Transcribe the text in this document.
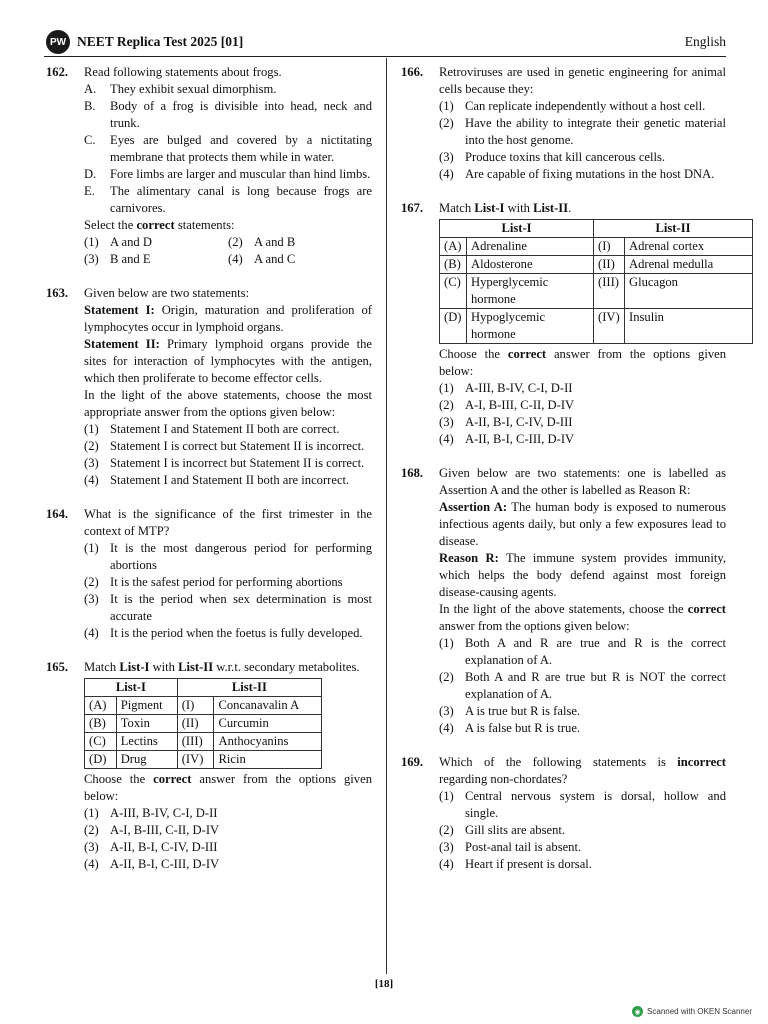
PW NEET Replica Test 2025 [01]	English
162. Read following statements about frogs.
A. They exhibit sexual dimorphism.
B. Body of a frog is divisible into head, neck and trunk.
C. Eyes are bulged and covered by a nictitating membrane that protects them while in water.
D. Fore limbs are larger and muscular than hind limbs.
E. The alimentary canal is long because frogs are carnivores.
Select the correct statements:
(1) A and D	(2) A and B
(3) B and E	(4) A and C
163. Given below are two statements:
Statement I: Origin, maturation and proliferation of lymphocytes occur in lymphoid organs.
Statement II: Primary lymphoid organs provide the sites for interaction of lymphocytes with the antigen, which then proliferate to become effector cells.
In the light of the above statements, choose the most appropriate answer from the options given below:
(1) Statement I and Statement II both are correct.
(2) Statement I is correct but Statement II is incorrect.
(3) Statement I is incorrect but Statement II is correct.
(4) Statement I and Statement II both are incorrect.
164. What is the significance of the first trimester in the context of MTP?
(1) It is the most dangerous period for performing abortions
(2) It is the safest period for performing abortions
(3) It is the period when sex determination is most accurate
(4) It is the period when the foetus is fully developed.
165. Match List-I with List-II w.r.t. secondary metabolites.
List-I		List-II	
(A)	Pigment	(I)	Concanavalin A
(B)	Toxin	(II)	Curcumin
(C)	Lectins	(III)	Anthocyanins
(D)	Drug	(IV)	Ricin
Choose the correct answer from the options given below:
(1) A-III, B-IV, C-I, D-II
(2) A-I, B-III, C-II, D-IV
(3) A-II, B-I, C-IV, D-III
(4) A-II, B-I, C-III, D-IV
166. Retroviruses are used in genetic engineering for animal cells because they:
(1) Can replicate independently without a host cell.
(2) Have the ability to integrate their genetic material into the host genome.
(3) Produce toxins that kill cancerous cells.
(4) Are capable of fixing mutations in the host DNA.
167. Match List-I with List-II.
List-I		List-II	
(A)	Adrenaline	(I)	Adrenal cortex
(B)	Aldosterone	(II)	Adrenal medulla
(C)	Hyperglycemic hormone	(III)	Glucagon
(D)	Hypoglycemic hormone	(IV)	Insulin
Choose the correct answer from the options given below:
(1) A-III, B-IV, C-I, D-II
(2) A-I, B-III, C-II, D-IV
(3) A-II, B-I, C-IV, D-III
(4) A-II, B-I, C-III, D-IV
168. Given below are two statements: one is labelled as Assertion A and the other is labelled as Reason R:
Assertion A: The human body is exposed to numerous infectious agents daily, but only a few exposures lead to disease.
Reason R: The immune system provides immunity, which helps the body defend against most foreign disease-causing agents.
In the light of the above statements, choose the correct answer from the options given below:
(1) Both A and R are true and R is the correct explanation of A.
(2) Both A and R are true but R is NOT the correct explanation of A.
(3) A is true but R is false.
(4) A is false but R is true.
169. Which of the following statements is incorrect regarding non-chordates?
(1) Central nervous system is dorsal, hollow and single.
(2) Gill slits are absent.
(3) Post-anal tail is absent.
(4) Heart if present is dorsal.
[18]
◉ Scanned with OKEN Scanner
